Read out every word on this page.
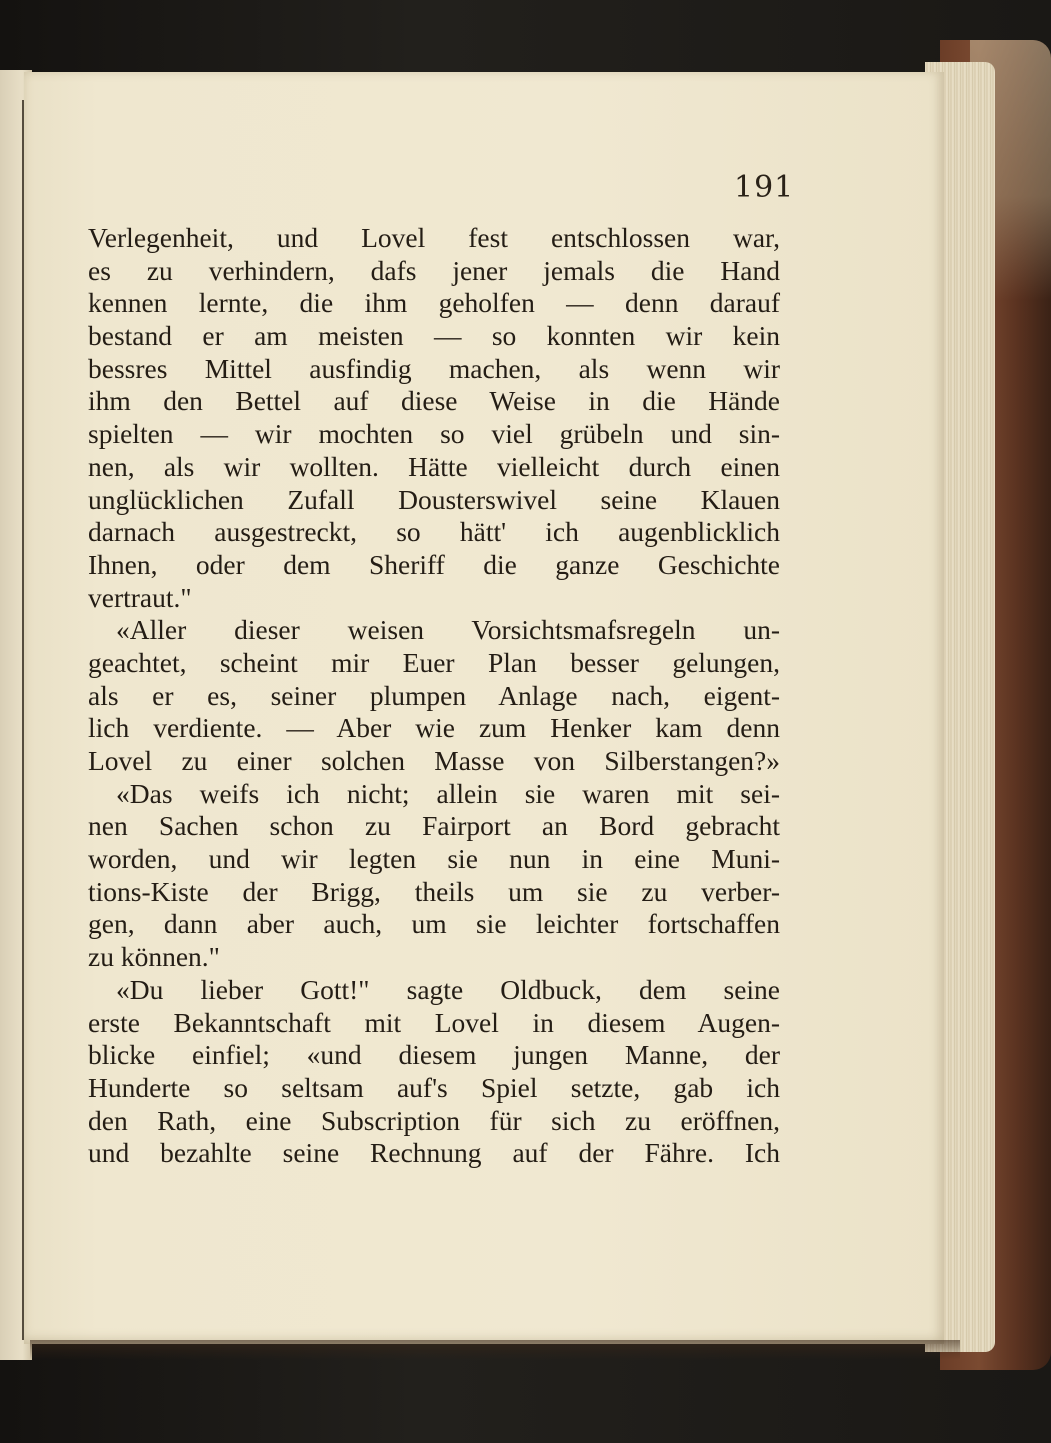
191
Verlegenheit, und Lovel fest entschlossen war,
es zu verhindern, dafs jener jemals die Hand
kennen lernte, die ihm geholfen — denn darauf
bestand er am meisten — so konnten wir kein
bessres Mittel ausfindig machen, als wenn wir
ihm den Bettel auf diese Weise in die Hände
spielten — wir mochten so viel grübeln und sin-
nen, als wir wollten. Hätte vielleicht durch einen
unglücklichen Zufall Dousterswivel seine Klauen
darnach ausgestreckt, so hätt' ich augenblicklich
Ihnen, oder dem Sheriff die ganze Geschichte
vertraut."
«Aller dieser weisen Vorsichtsmafsregeln un-
geachtet, scheint mir Euer Plan besser gelungen,
als er es, seiner plumpen Anlage nach, eigent-
lich verdiente. — Aber wie zum Henker kam denn
Lovel zu einer solchen Masse von Silberstangen?»
«Das weifs ich nicht; allein sie waren mit sei-
nen Sachen schon zu Fairport an Bord gebracht
worden, und wir legten sie nun in eine Muni-
tions-Kiste der Brigg, theils um sie zu verber-
gen, dann aber auch, um sie leichter fortschaffen
zu können."
«Du lieber Gott!" sagte Oldbuck, dem seine
erste Bekanntschaft mit Lovel in diesem Augen-
blicke einfiel; «und diesem jungen Manne, der
Hunderte so seltsam auf's Spiel setzte, gab ich
den Rath, eine Subscription für sich zu eröffnen,
und bezahlte seine Rechnung auf der Fähre. Ich
